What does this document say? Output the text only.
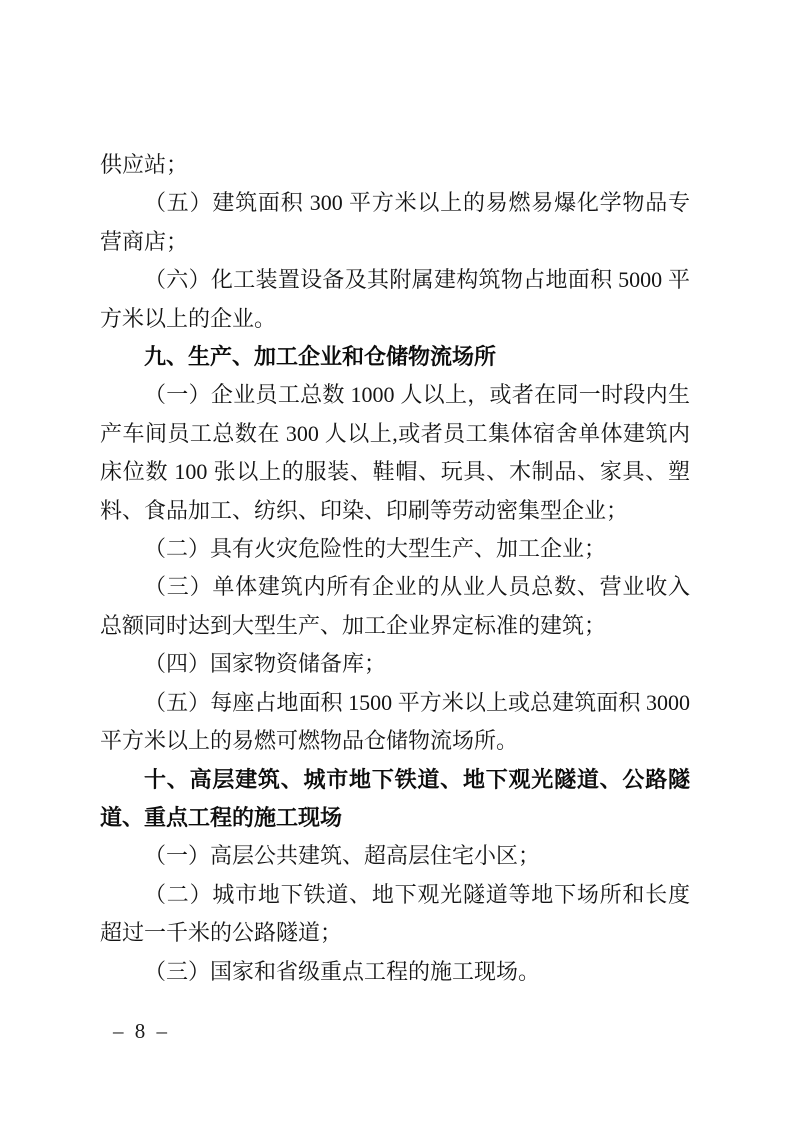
供应站；

（五）建筑面积 300 平方米以上的易燃易爆化学物品专营商店；

（六）化工装置设备及其附属建构筑物占地面积 5000 平方米以上的企业。

九、生产、加工企业和仓储物流场所

（一）企业员工总数 1000 人以上，或者在同一时段内生产车间员工总数在 300 人以上,或者员工集体宿舍单体建筑内床位数 100 张以上的服装、鞋帽、玩具、木制品、家具、塑料、食品加工、纺织、印染、印刷等劳动密集型企业；

（二）具有火灾危险性的大型生产、加工企业；

（三）单体建筑内所有企业的从业人员总数、营业收入总额同时达到大型生产、加工企业界定标准的建筑；

（四）国家物资储备库；

（五）每座占地面积 1500 平方米以上或总建筑面积 3000 平方米以上的易燃可燃物品仓储物流场所。

十、高层建筑、城市地下铁道、地下观光隧道、公路隧道、重点工程的施工现场

（一）高层公共建筑、超高层住宅小区；

（二）城市地下铁道、地下观光隧道等地下场所和长度超过一千米的公路隧道；

（三）国家和省级重点工程的施工现场。

– 8 –
